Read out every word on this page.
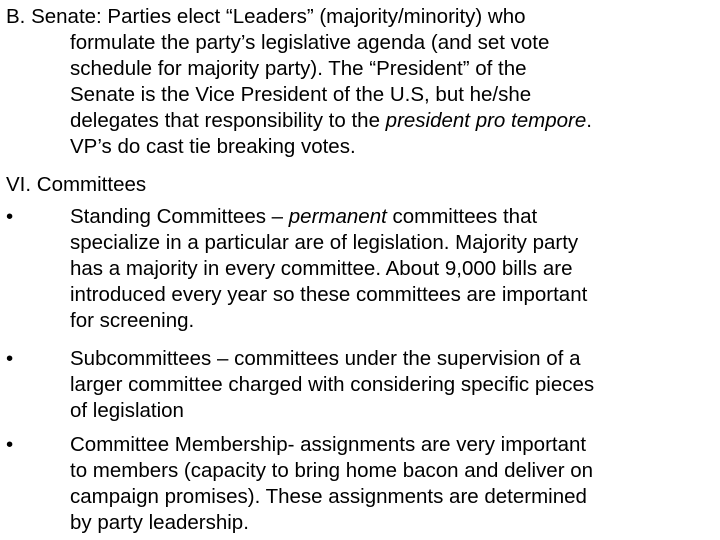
B. Senate: Parties elect “Leaders” (majority/minority) who
formulate the party’s legislative agenda (and set vote
schedule for majority party). The “President” of the
Senate is the Vice President of the U.S, but he/she
delegates that responsibility to the president pro tempore.
VP’s do cast tie breaking votes.
VI. Committees
•	Standing Committees – permanent committees that
specialize in a particular are of legislation. Majority party
has a majority in every committee. About 9,000 bills are
introduced every year so these committees are important
for screening.
•	Subcommittees – committees under the supervision of a
larger committee charged with considering specific pieces
of legislation
•	Committee Membership- assignments are very important
to members (capacity to bring home bacon and deliver on
campaign promises). These assignments are determined
by party leadership.
